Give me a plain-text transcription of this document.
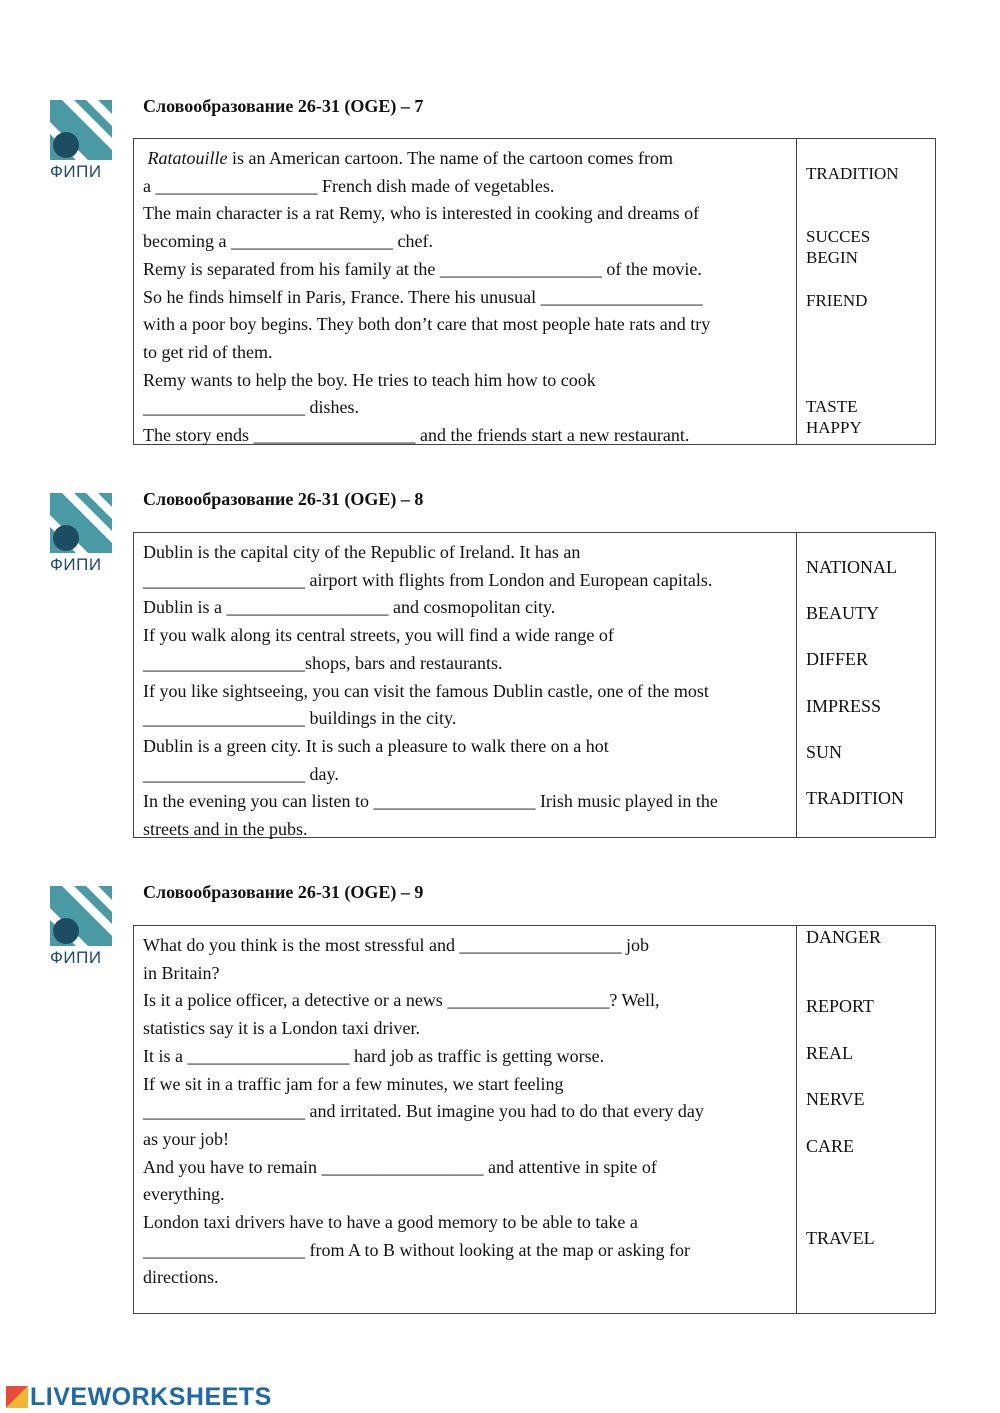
ФИПИ
Словообразование 26-31 (OGE) – 7
Ratatouille is an American cartoon. The name of the cartoon comes from
a __________________ French dish made of vegetables.
The main character is a rat Remy, who is interested in cooking and dreams of
becoming a __________________ chef.
Remy is separated from his family at the __________________ of the movie.
So he finds himself in Paris, France. There his unusual __________________
with a poor boy begins. They both don’t care that most people hate rats and try
to get rid of them.
Remy wants to help the boy. He tries to teach him how to cook
__________________ dishes.
The story ends __________________ and the friends start a new restaurant.
TRADITION
SUCCES
BEGIN
FRIEND
TASTE
HAPPY
ФИПИ
Словообразование 26-31 (OGE) – 8
Dublin is the capital city of the Republic of Ireland. It has an
__________________ airport with flights from London and European capitals.
Dublin is a __________________ and cosmopolitan city.
If you walk along its central streets, you will find a wide range of
__________________shops, bars and restaurants.
If you like sightseeing, you can visit the famous Dublin castle, one of the most
__________________ buildings in the city.
Dublin is a green city. It is such a pleasure to walk there on a hot
__________________ day.
In the evening you can listen to __________________ Irish music played in the
streets and in the pubs.
NATIONAL
BEAUTY
DIFFER
IMPRESS
SUN
TRADITION
ФИПИ
Словообразование 26-31 (OGE) – 9
What do you think is the most stressful and __________________ job
in Britain?
Is it a police officer, a detective or a news __________________? Well,
statistics say it is a London taxi driver.
It is a __________________ hard job as traffic is getting worse.
If we sit in a traffic jam for a few minutes, we start feeling
__________________ and irritated. But imagine you had to do that every day
as your job!
And you have to remain __________________ and attentive in spite of
everything.
London taxi drivers have to have a good memory to be able to take a
__________________ from A to B without looking at the map or asking for
directions.
DANGER
REPORT
REAL
NERVE
CARE
TRAVEL
LIVEWORKSHEETS
